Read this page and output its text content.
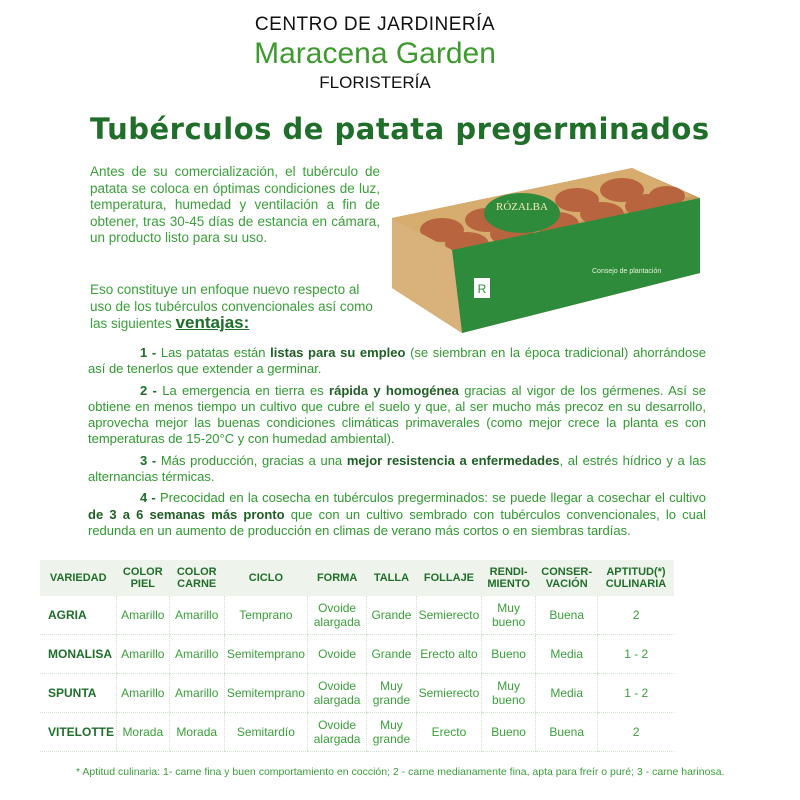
CENTRO DE JARDINERÍA
Maracena Garden
FLORISTERÍA
Tubérculos de patata pregerminados
Antes de su comercialización, el tubérculo de patata se coloca en óptimas condiciones de luz, temperatura, humedad y ventilación a fin de obtener, tras 30-45 días de estancia en cámara, un producto listo para su uso.
Eso constituye un enfoque nuevo respecto al uso de los tubérculos convencionales así como las siguientes ventajas:
RÓZALBA
R
Consejo de plantación

1 - Las patatas están listas para su empleo (se siembran en la época tradicional) ahorrándose así de tenerlos que extender a germinar.

2 - La emergencia en tierra es rápida y homogénea gracias al vigor de los gérmenes. Así se obtiene en menos tiempo un cultivo que cubre el suelo y que, al ser mucho más precoz en su desarrollo, aprovecha mejor las buenas condiciones climáticas primaverales (como mejor crece la planta es con temperaturas de 15-20°C y con humedad ambiental).

3 - Más producción, gracias a una mejor resistencia a enfermedades, al estrés hídrico y a las alternancias térmicas.

4 - Precocidad en la cosecha en tubérculos pregerminados: se puede llegar a cosechar el cultivo de 3 a 6 semanas más pronto que con un cultivo sembrado con tubérculos convencionales, lo cual redunda en un aumento de producción en climas de verano más cortos o en siembras tardías.

VARIEDAD	COLOR PIEL	COLOR CARNE	CICLO	FORMA	TALLA	FOLLAJE	RENDI-MIENTO	CONSER-VACIÓN	APTITUD(*) CULINARIA
AGRIA	Amarillo	Amarillo	Temprano	Ovoide alargada	Grande	Semierecto	Muy bueno	Buena	2
MONALISA	Amarillo	Amarillo	Semitemprano	Ovoide	Grande	Erecto alto	Bueno	Media	1 - 2
SPUNTA	Amarillo	Amarillo	Semitemprano	Ovoide alargada	Muy grande	Semierecto	Muy bueno	Media	1 - 2
VITELOTTE	Morada	Morada	Semitardío	Ovoide alargada	Muy grande	Erecto	Bueno	Buena	2
* Aptitud culinaria: 1- carne fina y buen comportamiento en cocción; 2 - carne medianamente fina, apta para freír o puré; 3 - carne harinosa.
